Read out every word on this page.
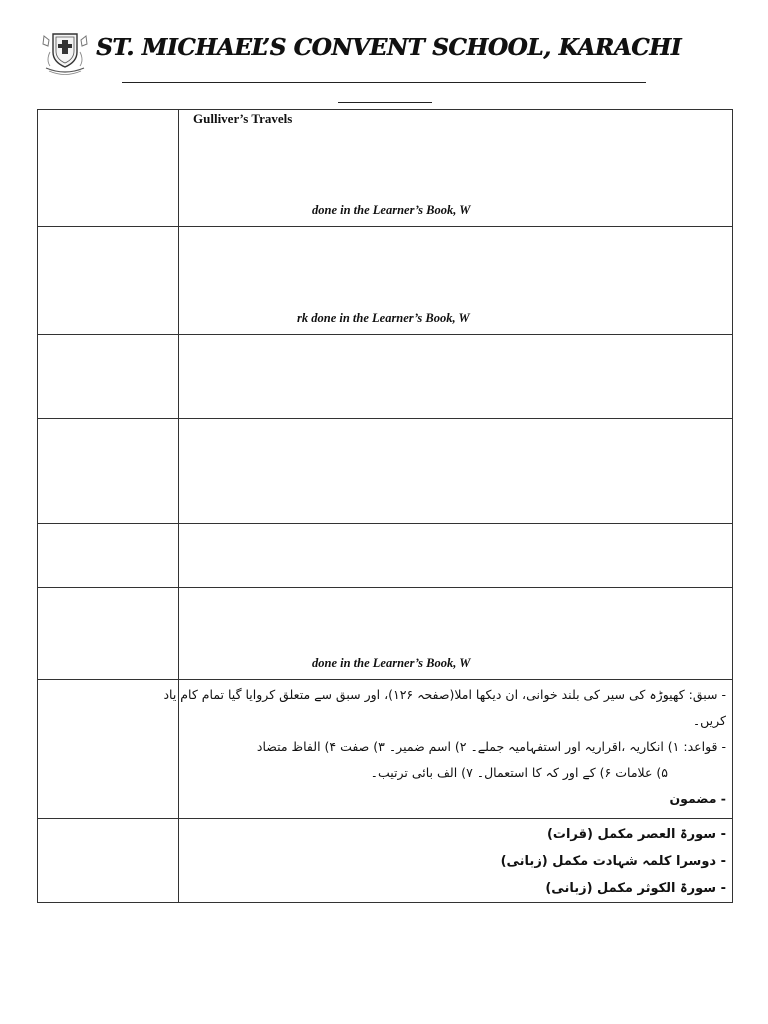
ST. MICHAEL’S CONVENT SCHOOL, KARACHI

	Gulliver’s Travels
done in the Learner’s Book, W

	rk done in the Learner’s Book, W

	done in the Learner’s Book, W

	- سبق: کھیوڑہ کی سیر کی بلند خوانی، ان دیکھا املا(صفحہ ۱۲۶)، اور سبق سے متعلق کروایا گیا تمام کام یاد
کریں۔
- قواعد: ۱) انکاریہ ،اقراریہ اور استفہامیہ جملے۔ ۲) اسم ضمیر۔ ۳) صفت ۴) الفاظ متضاد
۵) علامات ۶) کے اور کہ کا استعمال۔ ۷) الف بائی ترتیب۔
- مضمون

	- سورۃ العصر مکمل (قرات)
- دوسرا کلمہ شہادت مکمل (زبانی)
- سورۃ الکوثر مکمل (زبانی)
